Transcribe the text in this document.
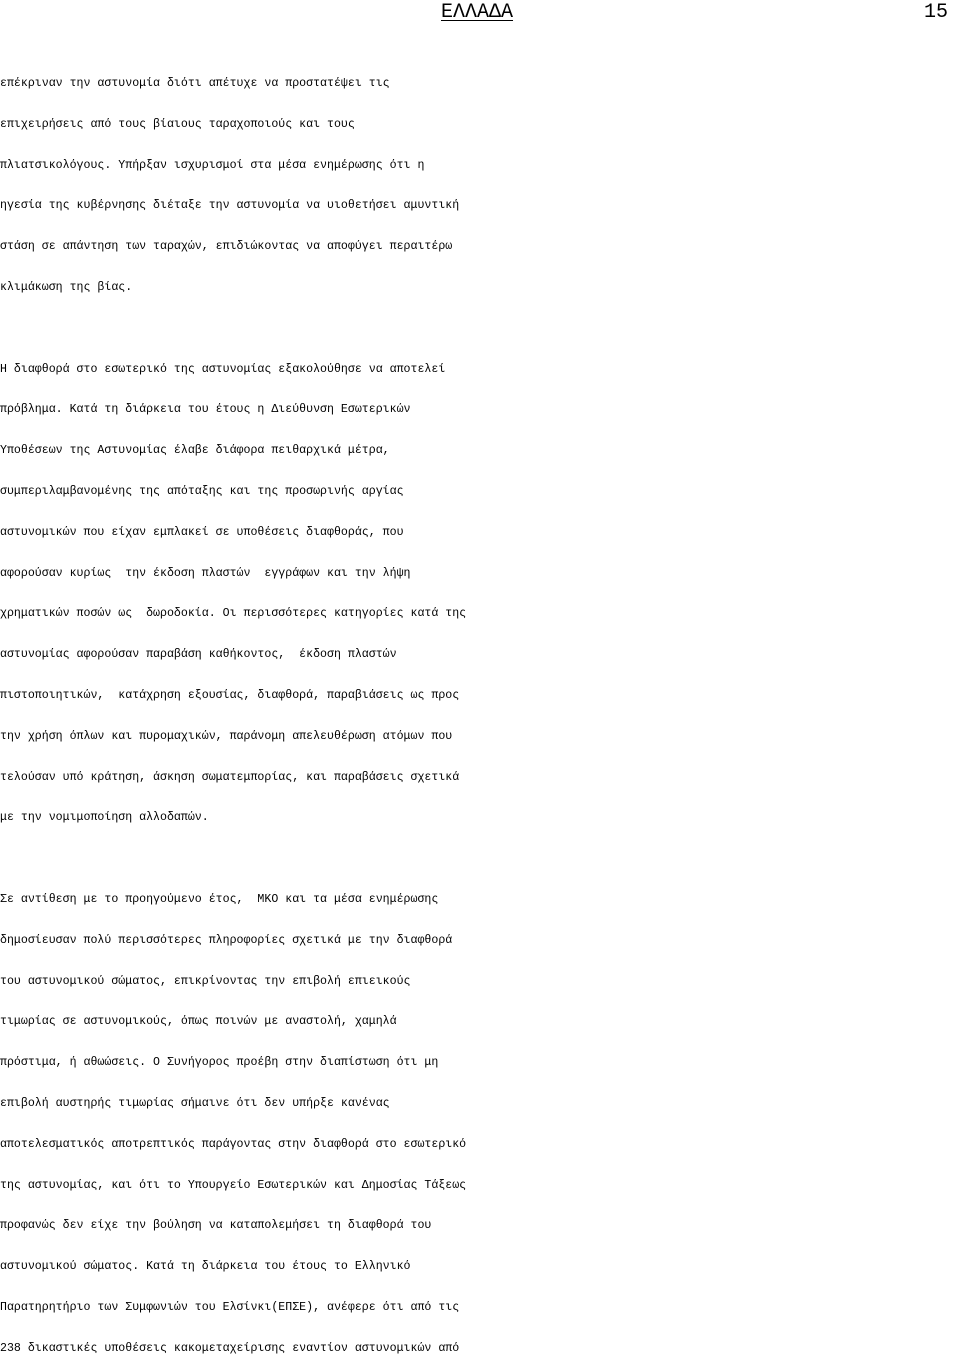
ΕΛΛΑΔΑ	15
επέκριναν την αστυνομία διότι απέτυχε να προστατέψει τις
επιχειρήσεις από τους βίαιους ταραχοποιούς και τους
πλιατσικολόγους. Υπήρξαν ισχυρισμοί στα μέσα ενημέρωσης ότι η
ηγεσία της κυβέρνησης διέταξε την αστυνομία να υιοθετήσει αμυντική
στάση σε απάντηση των ταραχών, επιδιώκοντας να αποφύγει περαιτέρω
κλιμάκωση της βίας.
Η διαφθορά στο εσωτερικό της αστυνομίας εξακολούθησε να αποτελεί
πρόβλημα. Κατά τη διάρκεια του έτους η Διεύθυνση Εσωτερικών
Υποθέσεων της Αστυνομίας έλαβε διάφορα πειθαρχικά μέτρα,
συμπεριλαμβανομένης της απόταξης και της προσωρινής αργίας
αστυνομικών που είχαν εμπλακεί σε υποθέσεις διαφθοράς, που
αφορούσαν κυρίως  την έκδοση πλαστών  εγγράφων και την λήψη
χρηματικών ποσών ως  δωροδοκία. Οι περισσότερες κατηγορίες κατά της
αστυνομίας αφορούσαν παραβάση καθήκοντος,  έκδοση πλαστών
πιστοποιητικών,  κατάχρηση εξουσίας, διαφθορά, παραβιάσεις ως προς
την χρήση όπλων και πυρομαχικών, παράνομη απελευθέρωση ατόμων που
τελούσαν υπό κράτηση, άσκηση σωματεμπορίας, και παραβάσεις σχετικά
με την νομιμοποίηση αλλοδαπών.
Σε αντίθεση με το προηγούμενο έτος,  ΜΚΟ και τα μέσα ενημέρωσης
δημοσίευσαν πολύ περισσότερες πληροφορίες σχετικά με την διαφθορά
του αστυνομικού σώματος, επικρίνοντας την επιβολή επιεικούς
τιμωρίας σε αστυνομικούς, όπως ποινών με αναστολή, χαμηλά
πρόστιμα, ή αθωώσεις. Ο Συνήγορος προέβη στην διαπίστωση ότι μη
επιβολή αυστηρής τιμωρίας σήμαινε ότι δεν υπήρξε κανένας
αποτελεσματικός αποτρεπτικός παράγοντας στην διαφθορά στο εσωτερικό
της αστυνομίας, και ότι το Υπουργείο Εσωτερικών και Δημοσίας Τάξεως
προφανώς δεν είχε την βούληση να καταπολεμήσει τη διαφθορά του
αστυνομικού σώματος. Κατά τη διάρκεια του έτους το Ελληνικό
Παρατηρητήριο των Συμφωνιών του Ελσίνκι(ΕΠΣΕ), ανέφερε ότι από τις
238 δικαστικές υποθέσεις κακομεταχείρισης εναντίον αστυνομικών από
